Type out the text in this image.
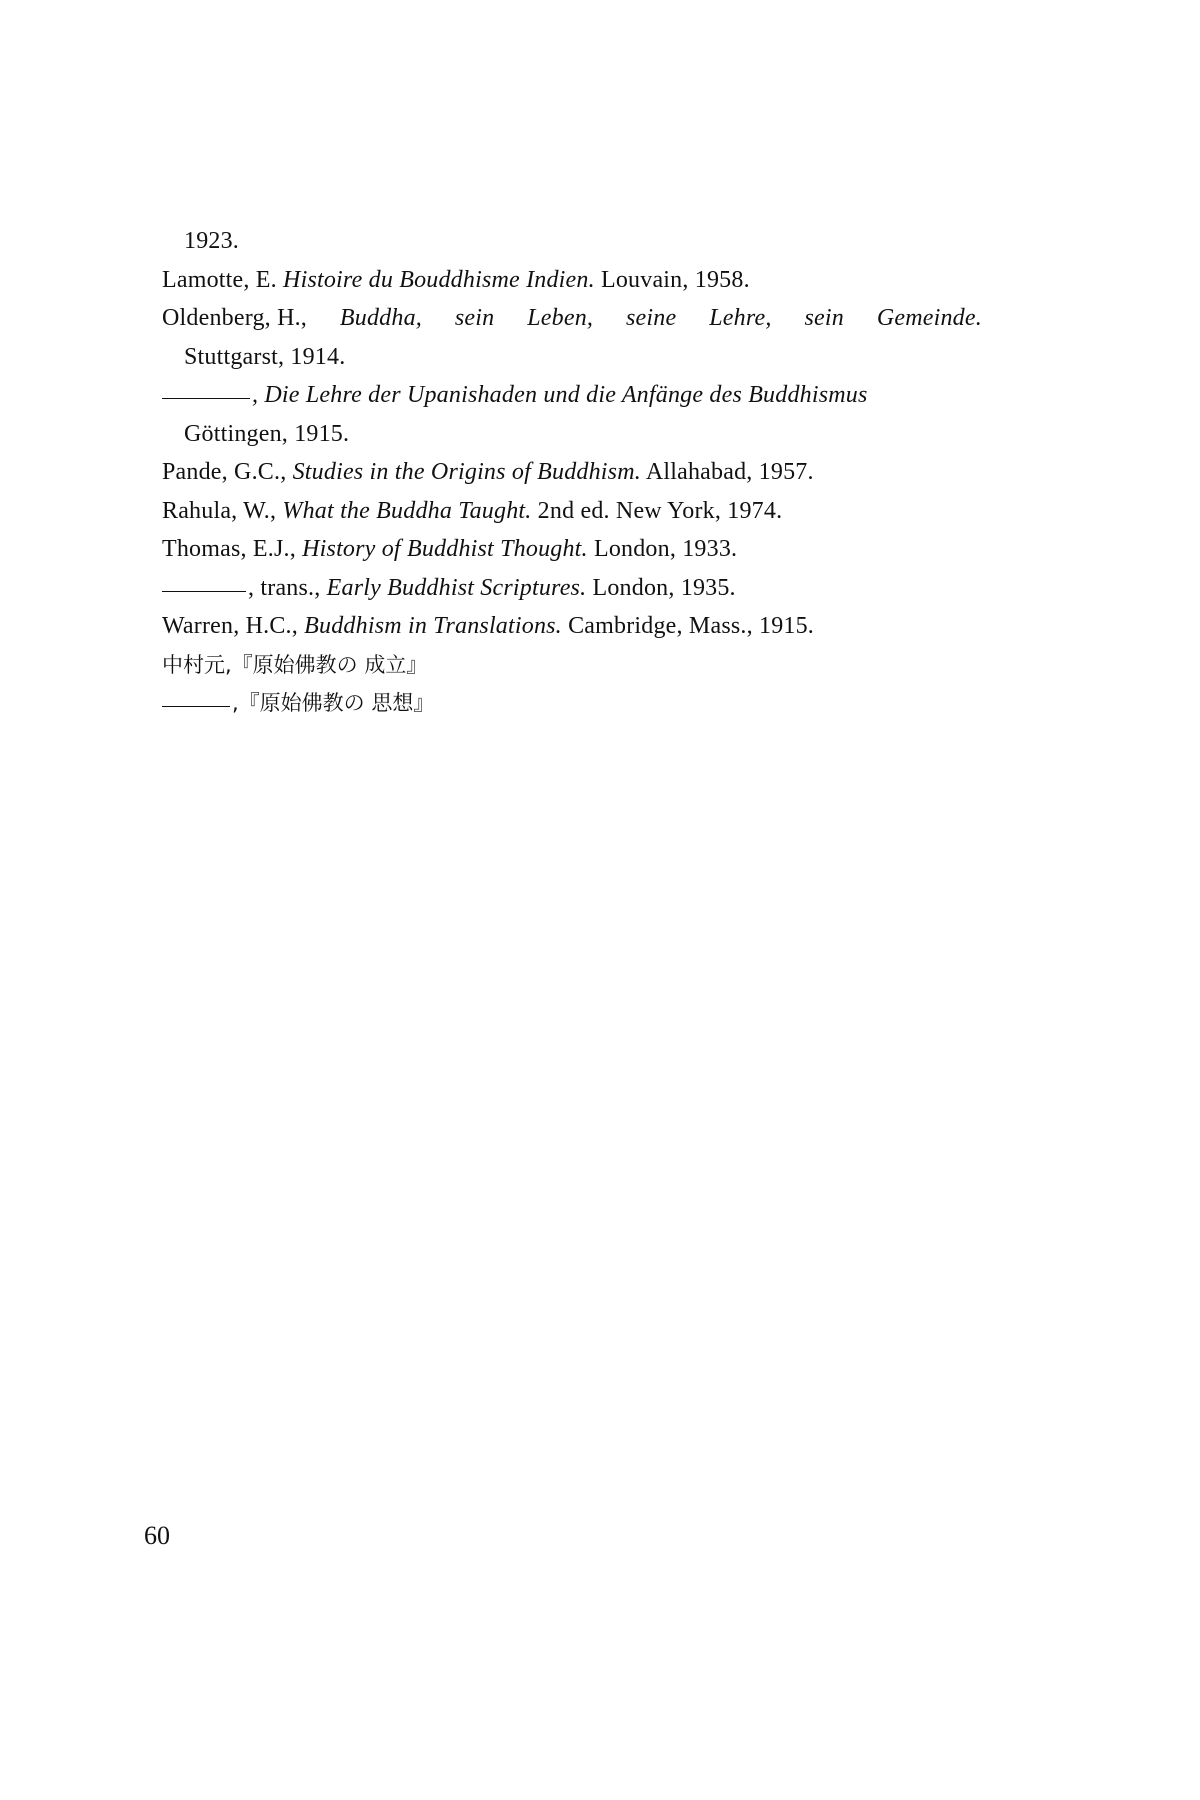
1923.
Lamotte, E. Histoire du Bouddhisme Indien. Louvain, 1958.
Oldenberg, H., Buddha, sein Leben, seine Lehre, sein Gemeinde.
Stuttgarst, 1914.
, Die Lehre der Upanishaden und die Anfänge des Buddhismus
Göttingen, 1915.
Pande, G.C., Studies in the Origins of Buddhism. Allahabad, 1957.
Rahula, W., What the Buddha Taught. 2nd ed. New York, 1974.
Thomas, E.J., History of Buddhist Thought. London, 1933.
, trans., Early Buddhist Scriptures. London, 1935.
Warren, H.C., Buddhism in Translations. Cambridge, Mass., 1915.
中村元,『原始佛教の 成立』
,『原始佛教の 思想』
60
